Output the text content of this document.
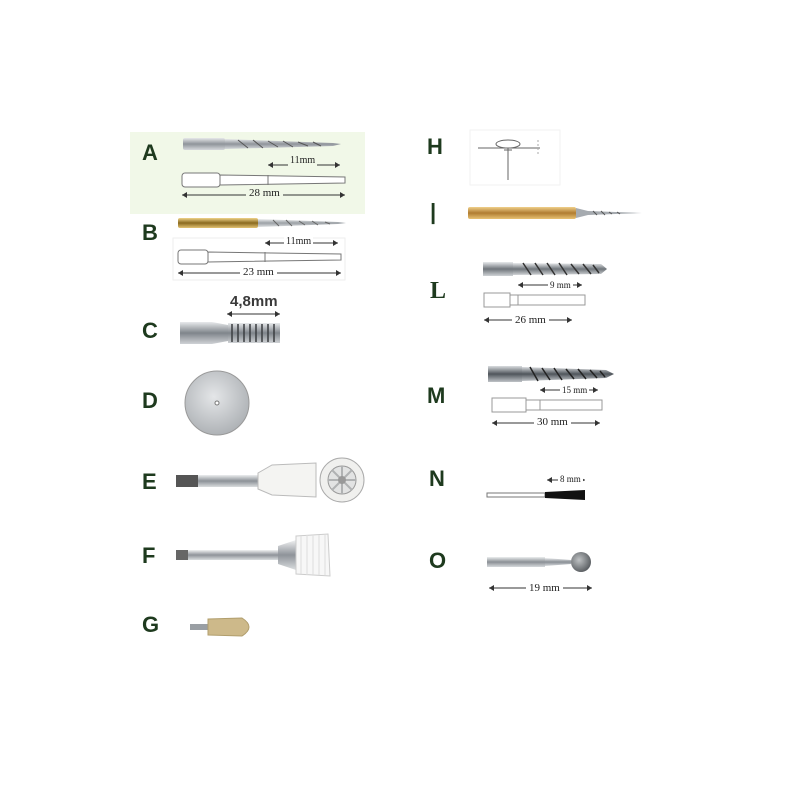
A
B
C
D
E
F
G
H
|
L
M
N
O
11mm
28 mm
11mm
23 mm
4,8mm
9 mm
26 mm
15 mm
30 mm
8 mm
19 mm
